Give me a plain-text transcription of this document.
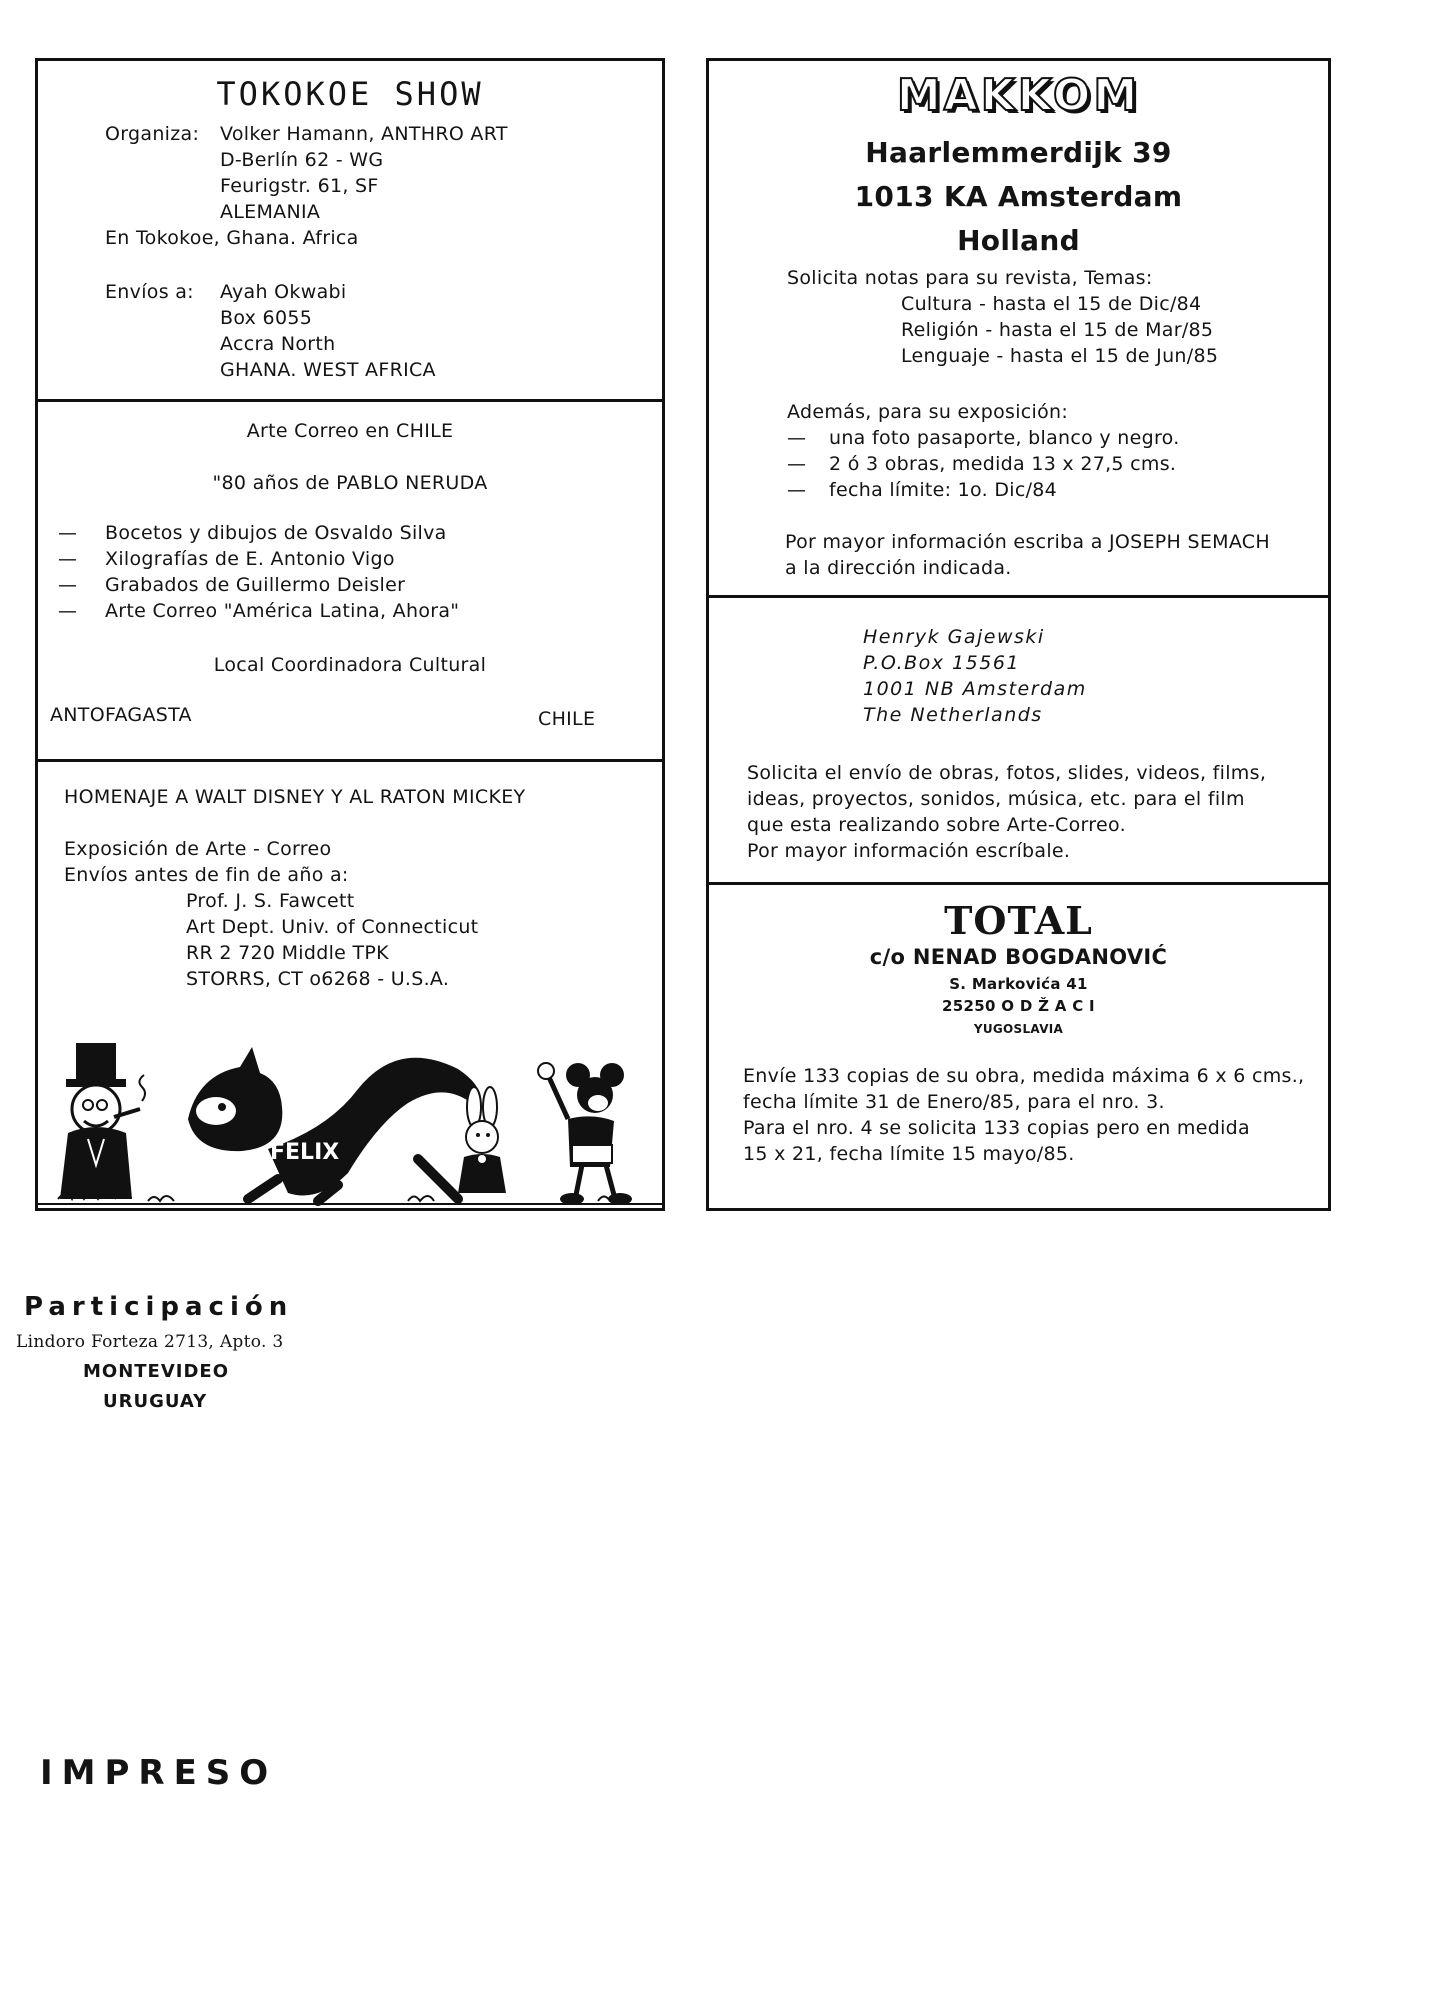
TOKOKOE SHOW
Organiza: Volker Hamann, ANTHRO ART
D-Berlín 62 - WG
Feurigstr. 61, SF
ALEMANIA
En Tokokoe, Ghana. Africa
Envíos a: Ayah Okwabi
Box 6055
Accra North
GHANA. WEST AFRICA
Arte Correo en CHILE
"80 años de PABLO NERUDA
— Bocetos y dibujos de Osvaldo Silva
— Xilografías de E. Antonio Vigo
— Grabados de Guillermo Deisler
— Arte Correo "América Latina, Ahora"
Local Coordinadora Cultural
ANTOFAGASTA	CHILE
HOMENAJE A WALT DISNEY Y AL RATON MICKEY
Exposición de Arte - Correo
Envíos antes de fin de año a:
Prof. J. S. Fawcett
Art Dept. Univ. of Connecticut
RR 2 720 Middle TPK
STORRS, CT o6268 - U.S.A.
FELIX
MAKKOM
Haarlemmerdijk 39
1013 KA Amsterdam
Holland
Solicita notas para su revista, Temas:
Cultura - hasta el 15 de Dic/84
Religión - hasta el 15 de Mar/85
Lenguaje - hasta el 15 de Jun/85
Además, para su exposición:
— una foto pasaporte, blanco y negro.
— 2 ó 3 obras, medida 13 x 27,5 cms.
— fecha límite: 1o. Dic/84
Por mayor información escriba a JOSEPH SEMACH
a la dirección indicada.
Henryk Gajewski
P.O.Box 15561
1001 NB Amsterdam
The Netherlands
Solicita el envío de obras, fotos, slides, videos, films,
ideas, proyectos, sonidos, música, etc. para el film
que esta realizando sobre Arte-Correo.
Por mayor información escríbale.
TOTAL
c/o NENAD BOGDANOVIĆ
S. Markovića 41
25250 O D Ž A C I
YUGOSLAVIA
Envíe 133 copias de su obra, medida máxima 6 x 6 cms.,
fecha límite 31 de Enero/85, para el nro. 3.
Para el nro. 4 se solicita 133 copias pero en medida
15 x 21, fecha límite 15 mayo/85.
Participación
Lindoro Forteza 2713, Apto. 3
MONTEVIDEO
URUGUAY
IMPRESO
